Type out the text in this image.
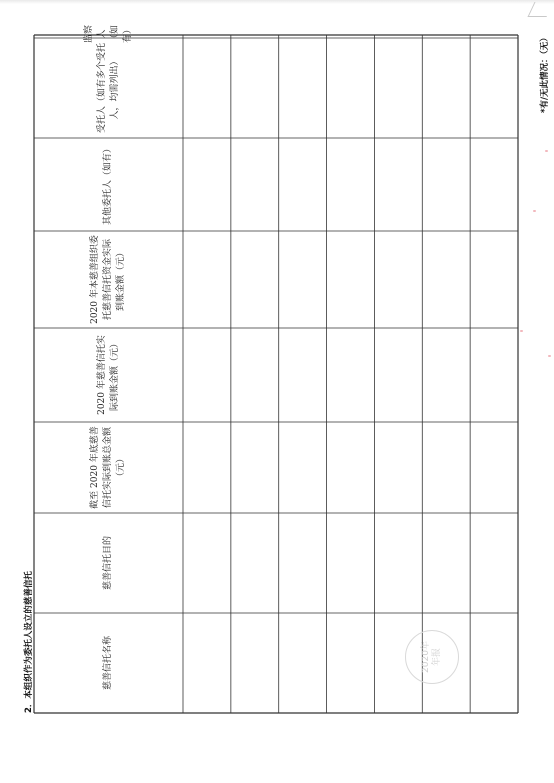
2．本组织作为委托人设立的慈善信托	慈善信托名称
慈善信托目的
截至 2020 年底慈善信托实际到账总金额（元）
2020 年慈善信托实际到账金额（元）
2020 年本慈善组织委托慈善信托资金实际到账金额（元）
其他委托人（如有）
受托人（如有多个受托人，均需列出）
监察人（如有）	*有/无此情况：（无）
2020年 年报
